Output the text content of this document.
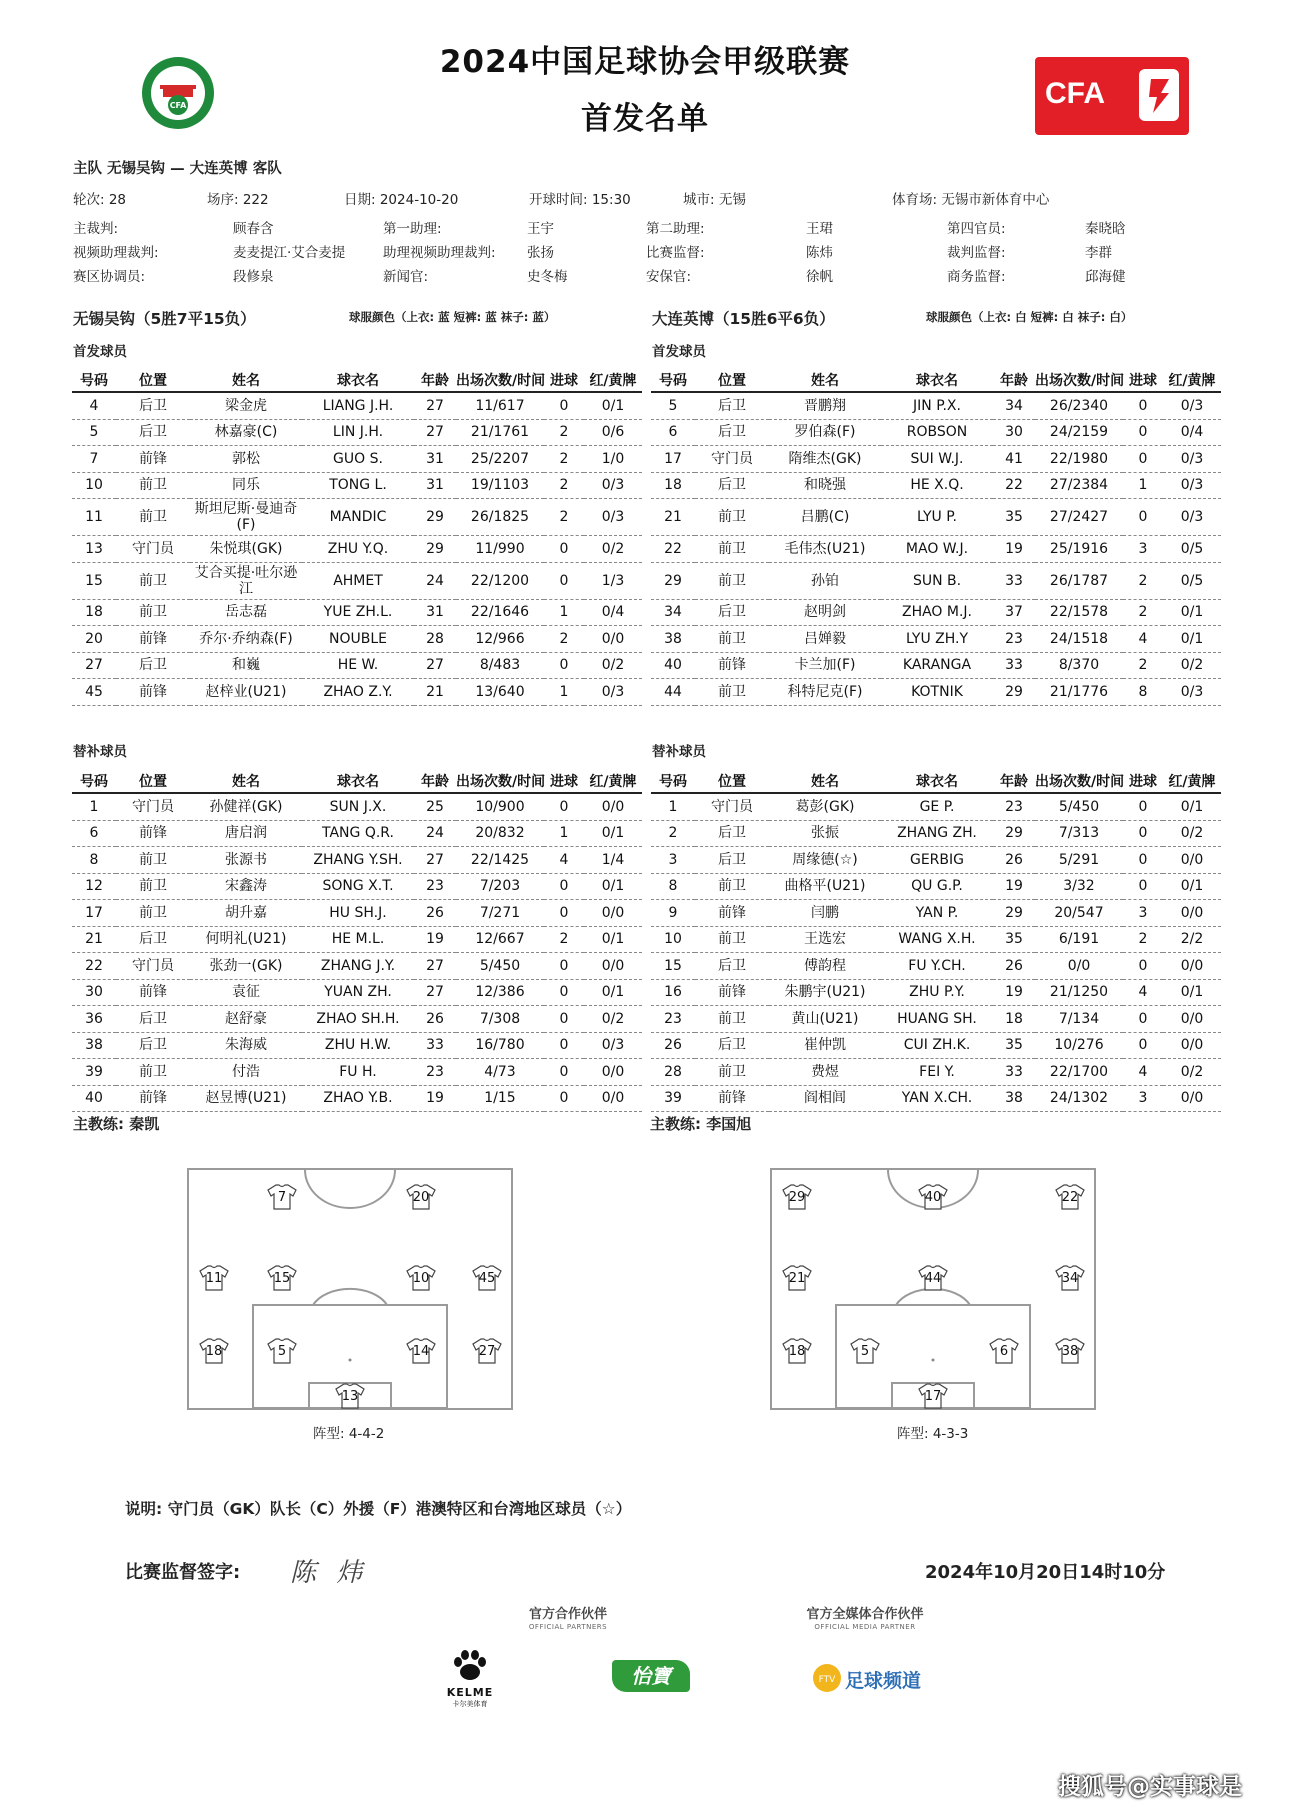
CFA	CFA
2024中国足球协会甲级联赛
首发名单
主队 无锡吴钩 — 大连英博 客队
轮次: 28	场序: 222	日期: 2024-10-20	开球时间: 15:30	城市: 无锡	体育场: 无锡市新体育中心
主裁判:	顾春含	第一助理:	王宇	第二助理:	王珺	第四官员:	秦晓晗
视频助理裁判:	麦麦提江·艾合麦提	助理视频助理裁判: 张扬	比赛监督:	陈炜	裁判监督:	李群
赛区协调员:	段修泉	新闻官:	史冬梅	安保官:	徐帆	商务监督:	邱海健
无锡吴钩（5胜7平15负）	球服颜色（上衣: 蓝 短裤: 蓝 袜子: 蓝）	大连英博（15胜6平6负）	球服颜色（上衣: 白 短裤: 白 袜子: 白）
首发球员	首发球员
号码	位置	姓名	球衣名	年龄	出场次数/时间	进球	红/黄牌
4	后卫	梁金虎	LIANG J.H.	27	11/617	0	0/1
5	后卫	林嘉豪(C)	LIN J.H.	27	21/1761	2	0/6
7	前锋	郭松	GUO S.	31	25/2207	2	1/0
10	前卫	同乐	TONG L.	31	19/1103	2	0/3
11	前卫	斯坦尼斯·曼迪奇(F)	MANDIC	29	26/1825	2	0/3
13	守门员	朱悦琪(GK)	ZHU Y.Q.	29	11/990	0	0/2
15	前卫	艾合买提·吐尔逊江	AHMET	24	22/1200	0	1/3
18	前卫	岳志磊	YUE ZH.L.	31	22/1646	1	0/4
20	前锋	乔尔·乔纳森(F)	NOUBLE	28	12/966	2	0/0
27	后卫	和巍	HE W.	27	8/483	0	0/2
45	前锋	赵梓业(U21)	ZHAO Z.Y.	21	13/640	1	0/3
号码	位置	姓名	球衣名	年龄	出场次数/时间	进球	红/黄牌
5	后卫	晋鹏翔	JIN P.X.	34	26/2340	0	0/3
6	后卫	罗伯森(F)	ROBSON	30	24/2159	0	0/4
17	守门员	隋维杰(GK)	SUI W.J.	41	22/1980	0	0/3
18	后卫	和晓强	HE X.Q.	22	27/2384	1	0/3
21	前卫	吕鹏(C)	LYU P.	35	27/2427	0	0/3
22	前卫	毛伟杰(U21)	MAO W.J.	19	25/1916	3	0/5
29	前卫	孙铂	SUN B.	33	26/1787	2	0/5
34	后卫	赵明剑	ZHAO M.J.	37	22/1578	2	0/1
38	前卫	吕婵毅	LYU ZH.Y	23	24/1518	4	0/1
40	前锋	卡兰加(F)	KARANGA	33	8/370	2	0/2
44	前卫	科特尼克(F)	KOTNIK	29	21/1776	8	0/3
替补球员	替补球员
号码	位置	姓名	球衣名	年龄	出场次数/时间	进球	红/黄牌
1	守门员	孙健祥(GK)	SUN J.X.	25	10/900	0	0/0
6	前锋	唐启润	TANG Q.R.	24	20/832	1	0/1
8	前卫	张源书	ZHANG Y.SH.	27	22/1425	4	1/4
12	前卫	宋鑫涛	SONG X.T.	23	7/203	0	0/1
17	前卫	胡升嘉	HU SH.J.	26	7/271	0	0/0
21	后卫	何明礼(U21)	HE M.L.	19	12/667	2	0/1
22	守门员	张劲一(GK)	ZHANG J.Y.	27	5/450	0	0/0
30	前锋	袁征	YUAN ZH.	27	12/386	0	0/1
36	后卫	赵舒豪	ZHAO SH.H.	26	7/308	0	0/2
38	后卫	朱海威	ZHU H.W.	33	16/780	0	0/3
39	前卫	付浩	FU H.	23	4/73	0	0/0
40	前锋	赵昱博(U21)	ZHAO Y.B.	19	1/15	0	0/0
号码	位置	姓名	球衣名	年龄	出场次数/时间	进球	红/黄牌
1	守门员	葛彭(GK)	GE P.	23	5/450	0	0/1
2	后卫	张振	ZHANG ZH.	29	7/313	0	0/2
3	后卫	周缘德(☆)	GERBIG	26	5/291	0	0/0
8	前卫	曲格平(U21)	QU G.P.	19	3/32	0	0/1
9	前锋	闫鹏	YAN P.	29	20/547	3	0/0
10	前卫	王选宏	WANG X.H.	35	6/191	2	2/2
15	后卫	傅韵程	FU Y.CH.	26	0/0	0	0/0
16	前锋	朱鹏宇(U21)	ZHU P.Y.	19	21/1250	4	0/1
23	前卫	黄山(U21)	HUANG SH.	18	7/134	0	0/0
26	后卫	崔仲凯	CUI ZH.K.	35	10/276	0	0/0
28	前卫	费煜	FEI Y.	33	22/1700	4	0/2
39	前锋	阎相闾	YAN X.CH.	38	24/1302	3	0/0
主教练: 秦凯	主教练: 李国旭
7	20
11	15	10	45
18	5	14	27
13
29	40	22
21	44	34
18	5	6	38
17
阵型: 4-4-2	阵型: 4-3-3
说明: 守门员（GK）队长（C）外援（F）港澳特区和台湾地区球员（☆）
比赛监督签字: 陈 炜	2024年10月20日14时10分
官方合作伙伴
OFFICIAL PARTNERS
官方全媒体合作伙伴
OFFICIAL MEDIA PARTNER
KELME
卡尔美体育
怡寶	FTV 足球频道
搜狐号@实事球是
